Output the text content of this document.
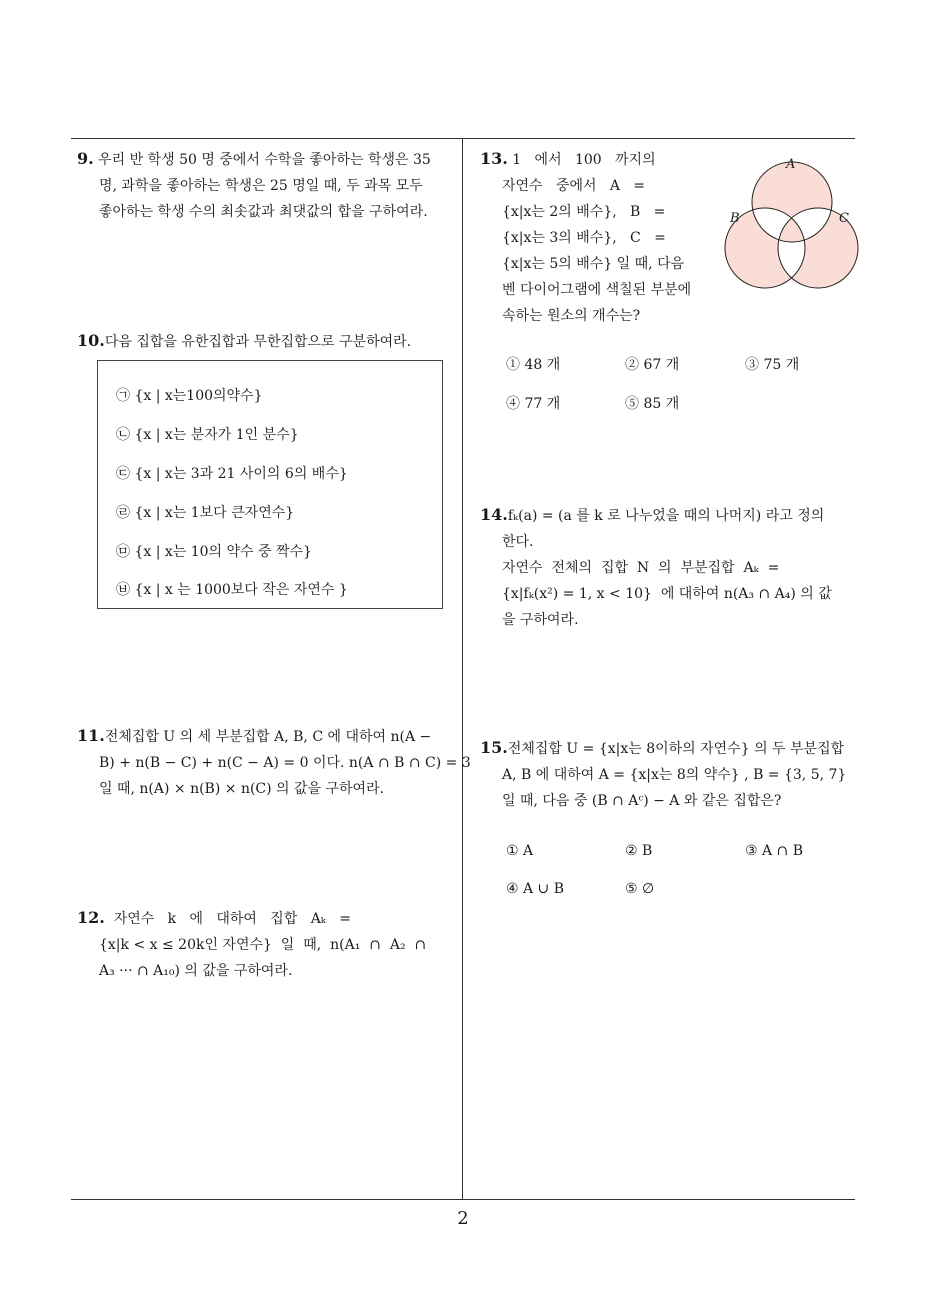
9. 우리 반 학생 50 명 중에서 수학을 좋아하는 학생은 35
명, 과학을 좋아하는 학생은 25 명일 때, 두 과목 모두
좋아하는 학생 수의 최솟값과 최댓값의 합을 구하여라.
10.다음 집합을 유한집합과 무한집합으로 구분하여라.
㉠ {x | x는100의약수}
㉡ {x | x는 분자가 1인 분수}
㉢ {x | x는 3과 21 사이의 6의 배수}
㉣ {x | x는 1보다 큰자연수}
㉤ {x | x는 10의 약수 중 짝수}
㉥ {x | x 는 1000보다 작은 자연수 }
11.전체집합 U 의 세 부분집합 A, B, C 에 대하여 n(A −
B) + n(B − C) + n(C − A) = 0 이다. n(A ∩ B ∩ C) = 3
일 때, n(A) × n(B) × n(C) 의 값을 구하여라.
12. 자연수   k   에   대하여   집합   Aₖ   =
{x|k < x ≤ 20k인 자연수}  일  때,  n(A₁  ∩  A₂  ∩
A₃ ··· ∩ A₁₀) 의 값을 구하여라.
13. 1   에서   100   까지의
자연수   중에서   A   =
{x|x는 2의 배수},   B   =
{x|x는 3의 배수},   C   =
{x|x는 5의 배수} 일 때, 다음
벤 다이어그램에 색칠된 부분에
속하는 원소의 개수는?
A
B	C
① 48 개	② 67 개	③ 75 개
④ 77 개	⑤ 85 개
14.fₖ(a) = (a 를 k 로 나누었을 때의 나머지) 라고 정의
한다.
자연수  전체의  집합  N  의  부분집합  Aₖ  =
{x|fₖ(x²) = 1, x < 10}  에 대하여 n(A₃ ∩ A₄) 의 값
을 구하여라.
15.전체집합 U = {x|x는 8이하의 자연수} 의 두 부분집합
A, B 에 대하여 A = {x|x는 8의 약수} , B = {3, 5, 7}
일 때, 다음 중 (B ∩ Aᶜ) − A 와 같은 집합은?
① A	② B	③ A ∩ B
④ A ∪ B	⑤ ∅
2
